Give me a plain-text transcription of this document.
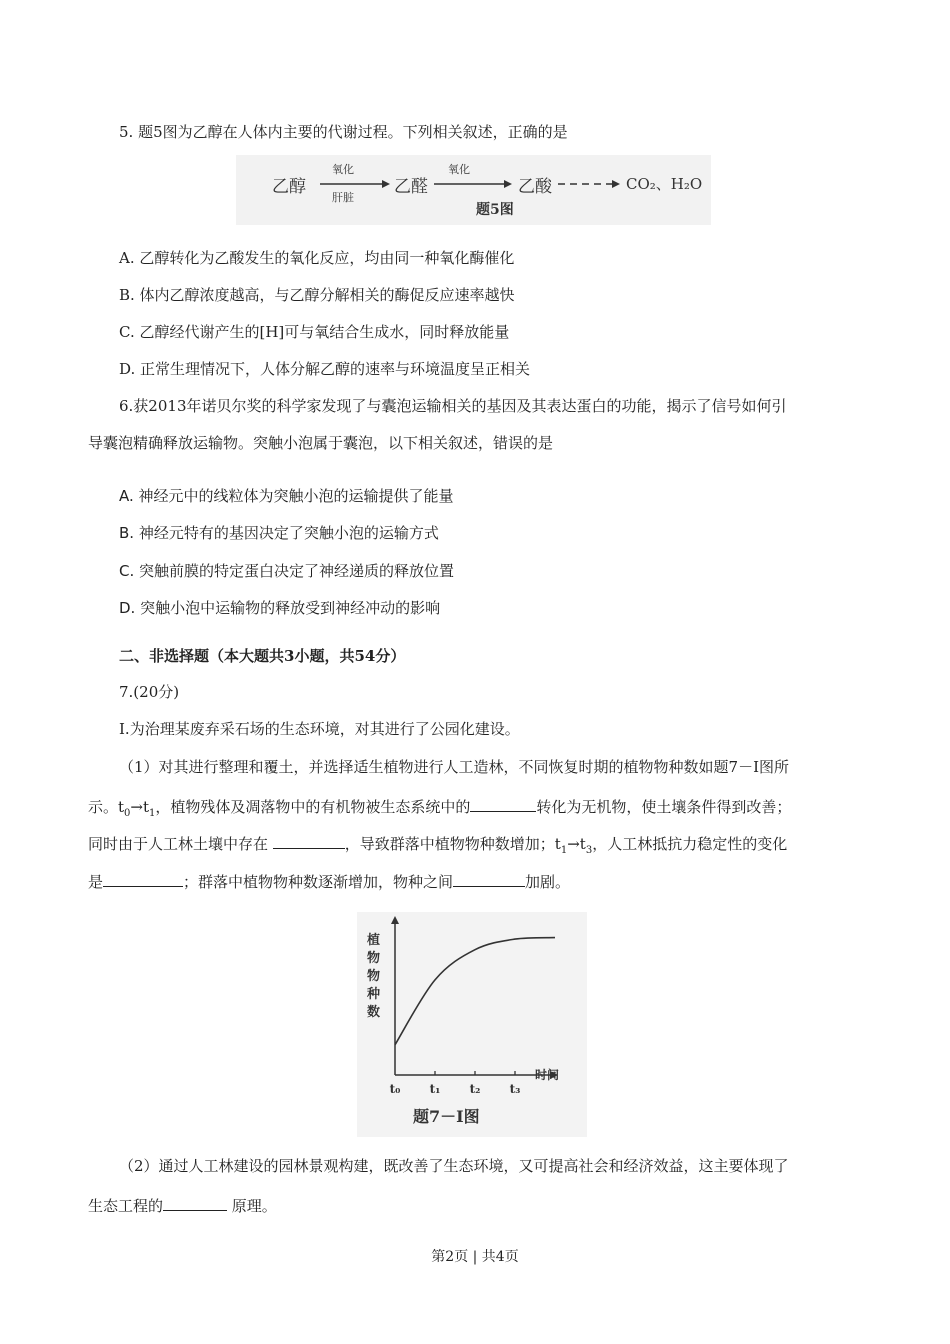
5. 题5图为乙醇在人体内主要的代谢过程。下列相关叙述，正确的是
乙醇
氧化
肝脏
乙醛
氧化
乙酸	CO₂、H₂O
题5图
A. 乙醇转化为乙酸发生的氧化反应，均由同一种氧化酶催化
B. 体内乙醇浓度越高，与乙醇分解相关的酶促反应速率越快
C. 乙醇经代谢产生的[H]可与氧结合生成水，同时释放能量
D. 正常生理情况下，人体分解乙醇的速率与环境温度呈正相关
6.获2013年诺贝尔奖的科学家发现了与囊泡运输相关的基因及其表达蛋白的功能，揭示了信号如何引
导囊泡精确释放运输物。突触小泡属于囊泡，以下相关叙述，错误的是
A. 神经元中的线粒体为突触小泡的运输提供了能量
B. 神经元特有的基因决定了突触小泡的运输方式
C. 突触前膜的特定蛋白决定了神经递质的释放位置
D. 突触小泡中运输物的释放受到神经冲动的影响
二、非选择题（本大题共3小题，共54分）
7.(20分)
Ⅰ.为治理某废弃采石场的生态环境，对其进行了公园化建设。
（1）对其进行整理和覆土，并选择适生植物进行人工造林，不同恢复时期的植物物种数如题7－Ⅰ图所
示。$t_0\to t_1$，植物残体及凋落物中的有机物被生态系统中的	转化为无机物，使土壤条件得到改善；
同时由于人工林土壤中存在	，导致群落中植物物种数增加；$t_1\to t_3$，人工林抵抗力稳定性的变化
是	；群落中植物物种数逐渐增加，物种之间	加剧。
t₀ t₁ t₂ t₃
植物物种数
时间
题7－Ⅰ图
（2）通过人工林建设的园林景观构建，既改善了生态环境，又可提高社会和经济效益，这主要体现了
生态工程的	原理。
第2页 | 共4页
